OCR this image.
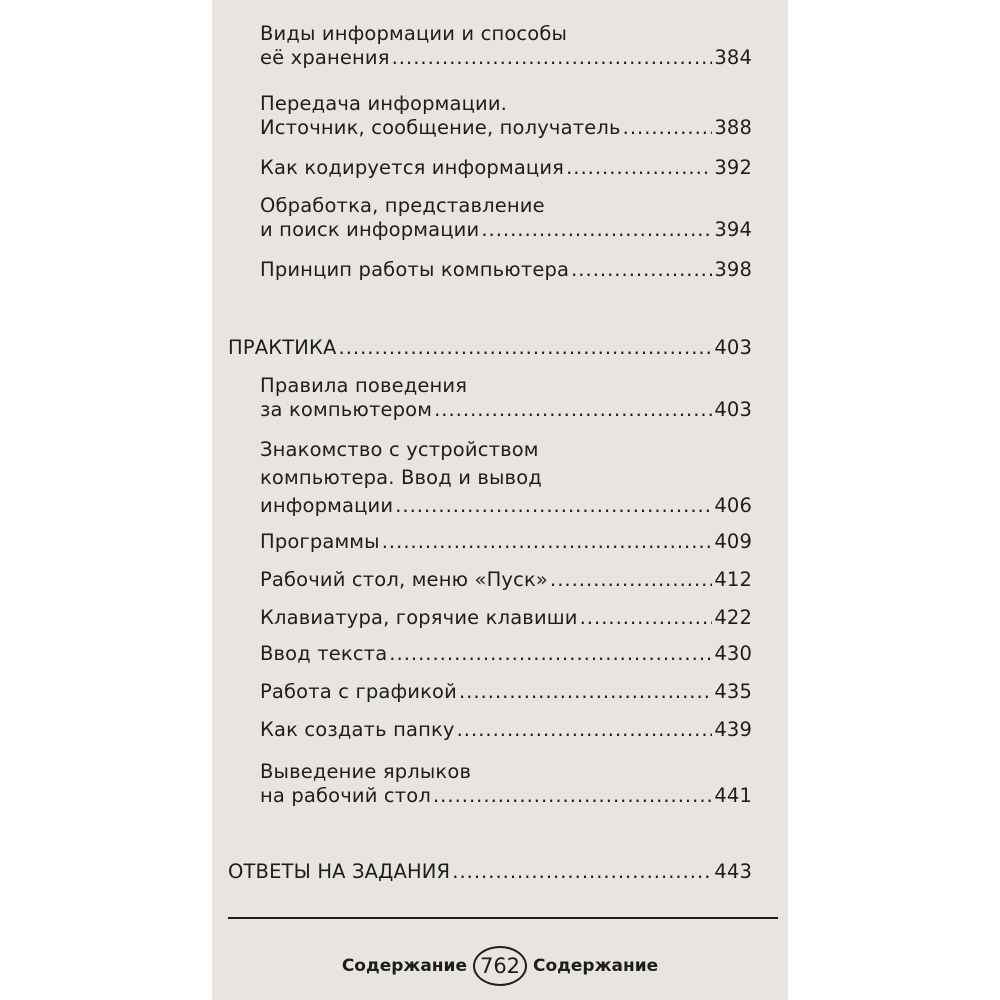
Виды информации и способы
её хранения .....	384
Передача информации.
Источник, сообщение, получатель .....	388
Как кодируется информация .....	392
Обработка, представление
и поиск информации .....	394
Принцип работы компьютера .....	398
ПРАКТИКА .....	403
Правила поведения
за компьютером .....	403
Знакомство с устройством
компьютера. Ввод и вывод
информации .....	406
Программы .....	409
Рабочий стол, меню «Пуск» .....	412
Клавиатура, горячие клавиши .....	422
Ввод текста .....	430
Работа с графикой .....	435
Как создать папку .....	439
Выведение ярлыков
на рабочий стол .....	441
ОТВЕТЫ НА ЗАДАНИЯ .....	443
Содержание 762 Содержание
